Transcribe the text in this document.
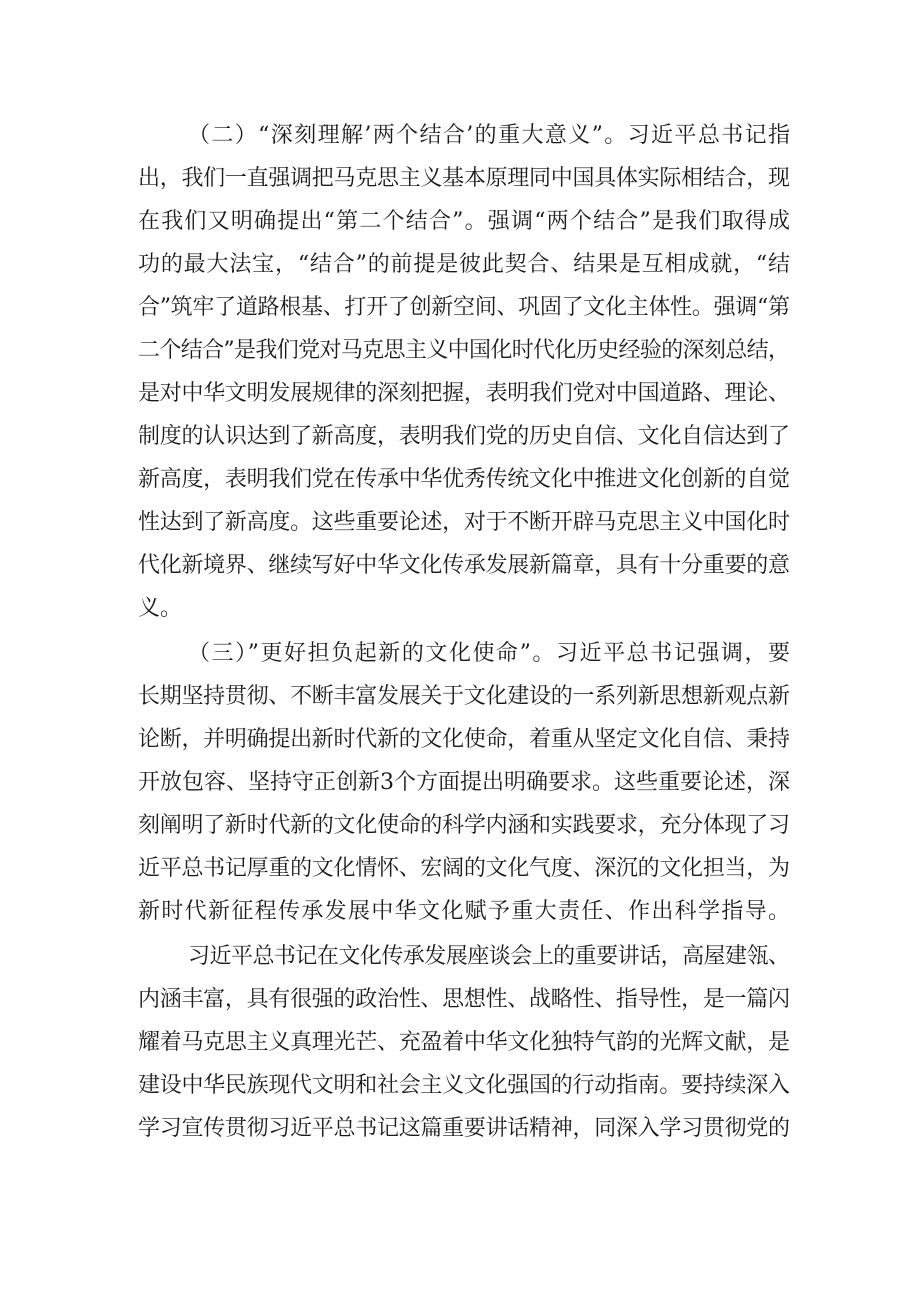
（二）“深刻理解’两个结合’的重大意义”。习近平总书记指
出，我们一直强调把马克思主义基本原理同中国具体实际相结合，现
在我们又明确提出“第二个结合”。强调“两个结合”是我们取得成
功的最大法宝，“结合”的前提是彼此契合、结果是互相成就，“结
合”筑牢了道路根基、打开了创新空间、巩固了文化主体性。强调“第
二个结合”是我们党对马克思主义中国化时代化历史经验的深刻总结，
是对中华文明发展规律的深刻把握，表明我们党对中国道路、理论、
制度的认识达到了新高度，表明我们党的历史自信、文化自信达到了
新高度，表明我们党在传承中华优秀传统文化中推进文化创新的自觉
性达到了新高度。这些重要论述，对于不断开辟马克思主义中国化时
代化新境界、继续写好中华文化传承发展新篇章，具有十分重要的意
义。
（三）”更好担负起新的文化使命”。习近平总书记强调，要
长期坚持贯彻、不断丰富发展关于文化建设的一系列新思想新观点新
论断，并明确提出新时代新的文化使命，着重从坚定文化自信、秉持
开放包容、坚持守正创新3个方面提出明确要求。这些重要论述，深
刻阐明了新时代新的文化使命的科学内涵和实践要求，充分体现了习
近平总书记厚重的文化情怀、宏阔的文化气度、深沉的文化担当，为
新时代新征程传承发展中华文化赋予重大责任、作出科学指导。
习近平总书记在文化传承发展座谈会上的重要讲话，高屋建瓴、
内涵丰富，具有很强的政治性、思想性、战略性、指导性，是一篇闪
耀着马克思主义真理光芒、充盈着中华文化独特气韵的光辉文献，是
建设中华民族现代文明和社会主义文化强国的行动指南。要持续深入
学习宣传贯彻习近平总书记这篇重要讲话精神，同深入学习贯彻党的
